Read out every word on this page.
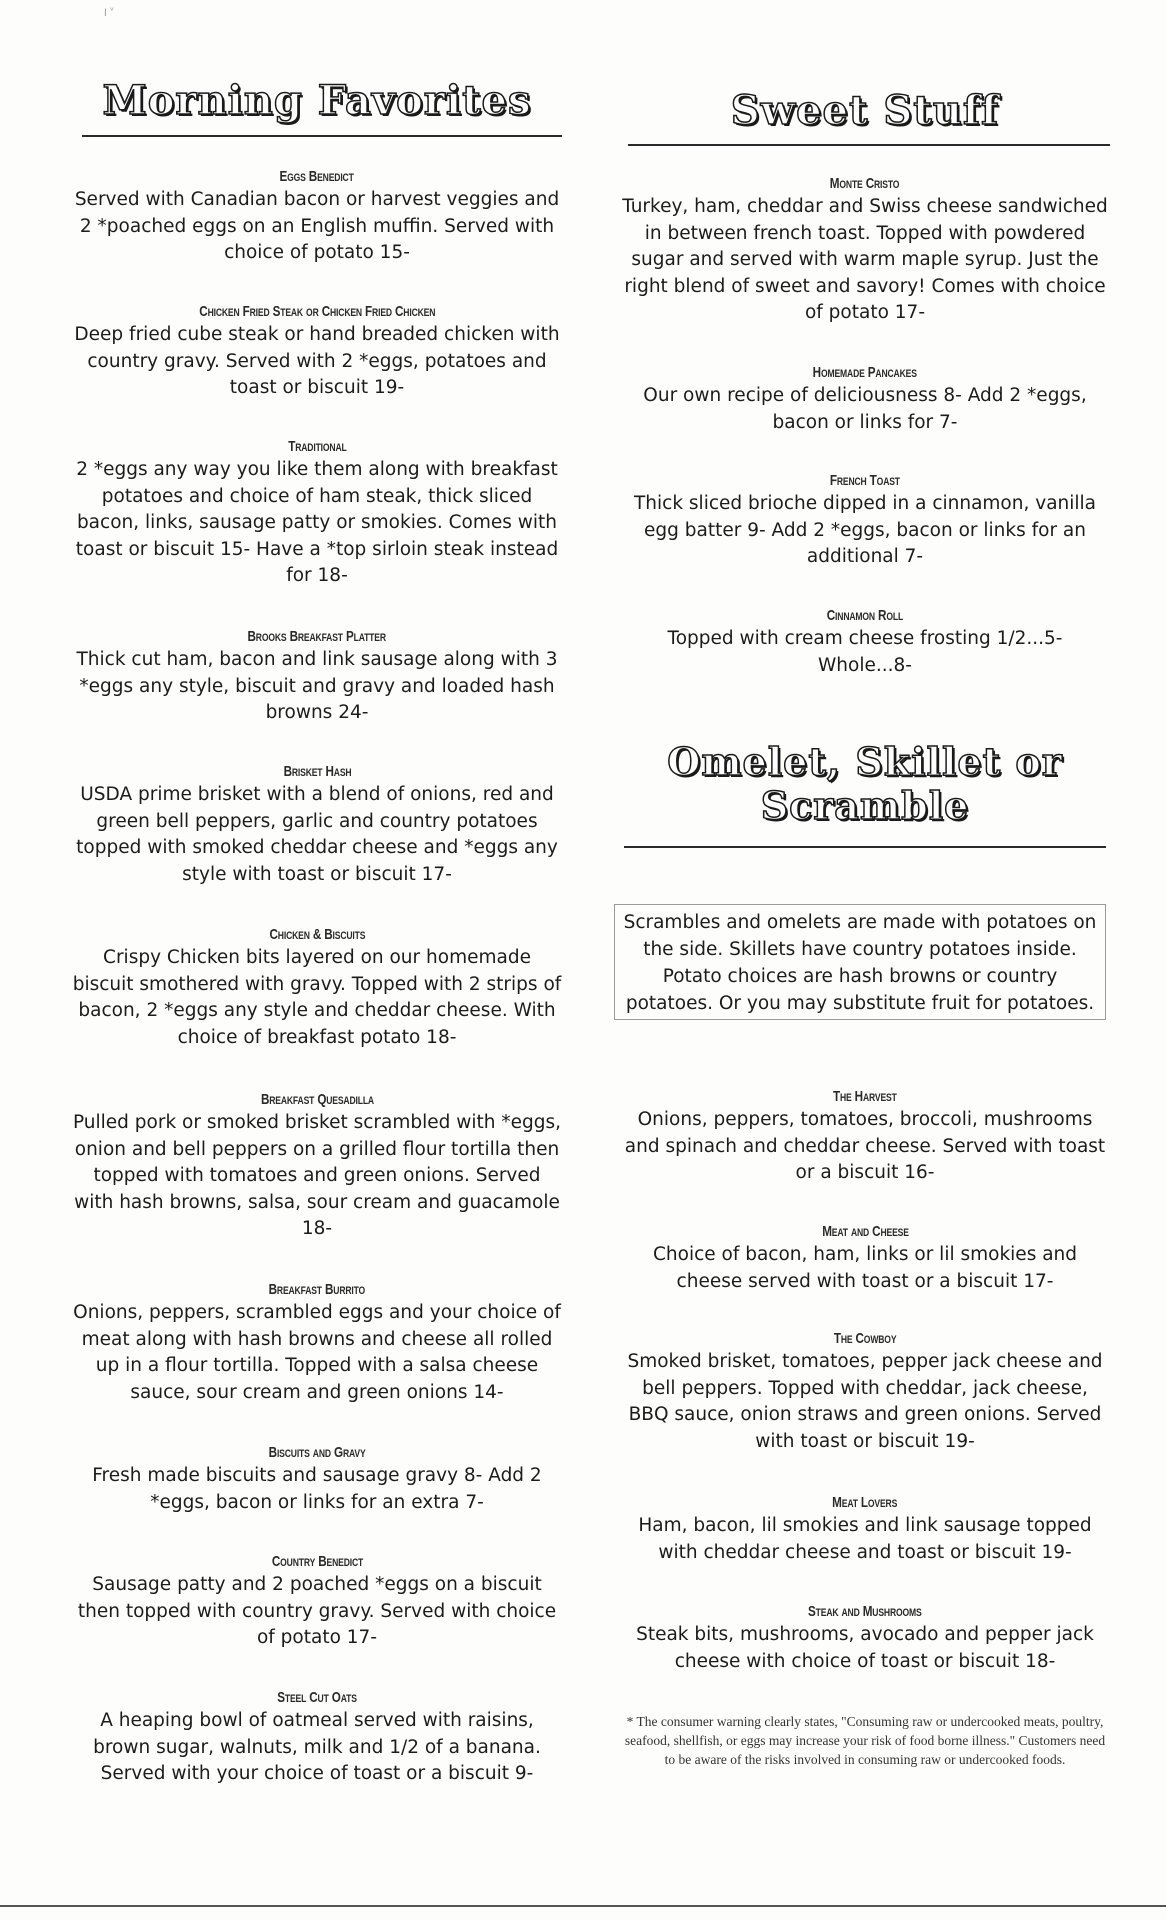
ꞁ ᵛ
Morning Favorites
Eggs Benedict
Served with Canadian bacon or harvest veggies and 2 *poached eggs on an English muffin. Served with choice of potato 15-
Chicken Fried Steak or Chicken Fried Chicken
Deep fried cube steak or hand breaded chicken with country gravy. Served with 2 *eggs, potatoes and toast or biscuit 19-
Traditional
2 *eggs any way you like them along with breakfast potatoes and choice of ham steak, thick sliced bacon, links, sausage patty or smokies. Comes with toast or biscuit 15- Have a *top sirloin steak instead for 18-
Brooks Breakfast Platter
Thick cut ham, bacon and link sausage along with 3 *eggs any style, biscuit and gravy and loaded hash browns 24-
Brisket Hash
USDA prime brisket with a blend of onions, red and green bell peppers, garlic and country potatoes topped with smoked cheddar cheese and *eggs any style with toast or biscuit 17-
Chicken & Biscuits
Crispy Chicken bits layered on our homemade biscuit smothered with gravy. Topped with 2 strips of bacon, 2 *eggs any style and cheddar cheese. With choice of breakfast potato 18-
Breakfast Quesadilla
Pulled pork or smoked brisket scrambled with *eggs, onion and bell peppers on a grilled flour tortilla then topped with tomatoes and green onions. Served with hash browns, salsa, sour cream and guacamole 18-
Breakfast Burrito
Onions, peppers, scrambled eggs and your choice of meat along with hash browns and cheese all rolled up in a flour tortilla. Topped with a salsa cheese sauce, sour cream and green onions 14-
Biscuits and Gravy
Fresh made biscuits and sausage gravy 8- Add 2 *eggs, bacon or links for an extra 7-
Country Benedict
Sausage patty and 2 poached *eggs on a biscuit then topped with country gravy. Served with choice of potato 17-
Steel Cut Oats
A heaping bowl of oatmeal served with raisins, brown sugar, walnuts, milk and 1/2 of a banana. Served with your choice of toast or a biscuit 9-
Sweet Stuff
Monte Cristo
Turkey, ham, cheddar and Swiss cheese sandwiched in between french toast. Topped with powdered sugar and served with warm maple syrup. Just the right blend of sweet and savory! Comes with choice of potato 17-
Homemade Pancakes
Our own recipe of deliciousness 8- Add 2 *eggs, bacon or links for 7-
French Toast
Thick sliced brioche dipped in a cinnamon, vanilla egg batter 9- Add 2 *eggs, bacon or links for an additional 7-
Cinnamon Roll
Topped with cream cheese frosting 1/2...5- Whole...8-
Omelet, Skillet or
Scramble
Scrambles and omelets are made with potatoes on the side. Skillets have country potatoes inside. Potato choices are hash browns or country potatoes. Or you may substitute fruit for potatoes.
The Harvest
Onions, peppers, tomatoes, broccoli, mushrooms and spinach and cheddar cheese. Served with toast or a biscuit 16-
Meat and Cheese
Choice of bacon, ham, links or lil smokies and cheese served with toast or a biscuit 17-
The Cowboy
Smoked brisket, tomatoes, pepper jack cheese and bell peppers. Topped with cheddar, jack cheese, BBQ sauce, onion straws and green onions. Served with toast or biscuit 19-
Meat Lovers
Ham, bacon, lil smokies and link sausage topped with cheddar cheese and toast or biscuit 19-
Steak and Mushrooms
Steak bits, mushrooms, avocado and pepper jack cheese with choice of toast or biscuit 18-
* The consumer warning clearly states, "Consuming raw or undercooked meats, poultry, seafood, shellfish, or eggs may increase your risk of food borne illness." Customers need to be aware of the risks involved in consuming raw or undercooked foods.
